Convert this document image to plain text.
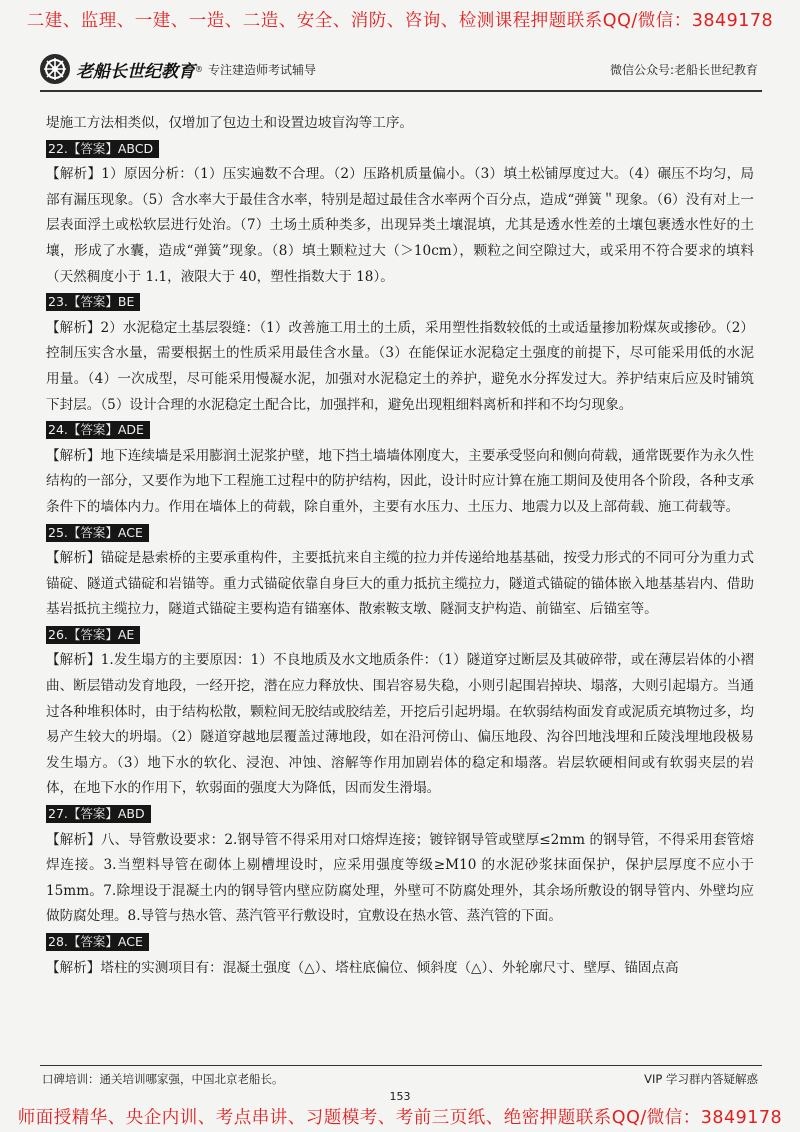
二建、监理、一建、一造、二造、安全、消防、咨询、检测课程押题联系QQ/微信：3849178
老船长世纪教育 ® 专注建造师考试辅导	微信公众号:老船长世纪教育

堤施工方法相类似，仅增加了包边土和设置边坡盲沟等工序。

22.【答案】ABCD

【解析】1）原因分析：（1）压实遍数不合理。（2）压路机质量偏小。（3）填土松铺厚度过大。（4）碾压不均匀，局部有漏压现象。（5）含水率大于最佳含水率，特别是超过最佳含水率两个百分点，造成“弹簧＂现象。（6）没有对上一层表面浮土或松软层进行处治。（7）土场土质种类多，出现异类土壤混填，尤其是透水性差的土壤包裹透水性好的土壤，形成了水囊，造成“弹簧”现象。（8）填土颗粒过大（＞10cm），颗粒之间空隙过大，或采用不符合要求的填料（天然稠度小于 1.1，液限大于 40，塑性指数大于 18）。

23.【答案】BE

【解析】2）水泥稳定土基层裂缝：（1）改善施工用土的土质，采用塑性指数较低的土或适量掺加粉煤灰或掺砂。（2）控制压实含水量，需要根据土的性质采用最佳含水量。（3）在能保证水泥稳定土强度的前提下，尽可能采用低的水泥用量。（4）一次成型，尽可能采用慢凝水泥，加强对水泥稳定土的养护，避免水分挥发过大。养护结束后应及时铺筑下封层。（5）设计合理的水泥稳定土配合比，加强拌和，避免出现粗细料离析和拌和不均匀现象。

24.【答案】ADE

【解析】地下连续墙是采用膨润土泥浆护壁，地下挡土墙墙体刚度大，主要承受竖向和侧向荷载，通常既要作为永久性结构的一部分，又要作为地下工程施工过程中的防护结构，因此，设计时应计算在施工期间及使用各个阶段，各种支承条件下的墙体内力。作用在墙体上的荷载，除自重外，主要有水压力、土压力、地震力以及上部荷载、施工荷载等。

25.【答案】ACE

【解析】锚碇是悬索桥的主要承重构件，主要抵抗来自主缆的拉力并传递给地基基础，按受力形式的不同可分为重力式锚碇、隧道式锚碇和岩锚等。重力式锚碇依靠自身巨大的重力抵抗主缆拉力，隧道式锚碇的锚体嵌入地基基岩内、借助基岩抵抗主缆拉力，隧道式锚碇主要构造有锚塞体、散索鞍支墩、隧洞支护构造、前锚室、后锚室等。

26.【答案】AE

【解析】1.发生塌方的主要原因：1）不良地质及水文地质条件：（1）隧道穿过断层及其破碎带，或在薄层岩体的小褶曲、断层错动发育地段，一经开挖，潜在应力释放快、围岩容易失稳，小则引起围岩掉块、塌落，大则引起塌方。当通过各种堆积体时，由于结构松散，颗粒间无胶结或胶结差，开挖后引起坍塌。在软弱结构面发育或泥质充填物过多，均易产生较大的坍塌。（2）隧道穿越地层覆盖过薄地段，如在沿河傍山、偏压地段、沟谷凹地浅埋和丘陵浅埋地段极易发生塌方。（3）地下水的软化、浸泡、冲蚀、溶解等作用加剧岩体的稳定和塌落。岩层软硬相间或有软弱夹层的岩体，在地下水的作用下，软弱面的强度大为降低，因而发生滑塌。

27.【答案】ABD

【解析】八、导管敷设要求：2.钢导管不得采用对口熔焊连接；镀锌钢导管或壁厚≤2mm 的钢导管，不得采用套管熔焊连接。3.当塑料导管在砌体上剔槽埋设时，应采用强度等级≥M10 的水泥砂浆抹面保护，保护层厚度不应小于 15mm。7.除埋设于混凝土内的钢导管内壁应防腐处理，外壁可不防腐处理外，其余场所敷设的钢导管内、外壁均应做防腐处理。8.导管与热水管、蒸汽管平行敷设时，宜敷设在热水管、蒸汽管的下面。

28.【答案】ACE

【解析】塔柱的实测项目有：混凝土强度（△）、塔柱底偏位、倾斜度（△）、外轮廓尺寸、壁厚、锚固点高

口碑培训：通关培训哪家强，中国北京老船长。	VIP 学习群内答疑解惑
153
师面授精华、央企内训、考点串讲、习题模考、考前三页纸、绝密押题联系QQ/微信：3849178
